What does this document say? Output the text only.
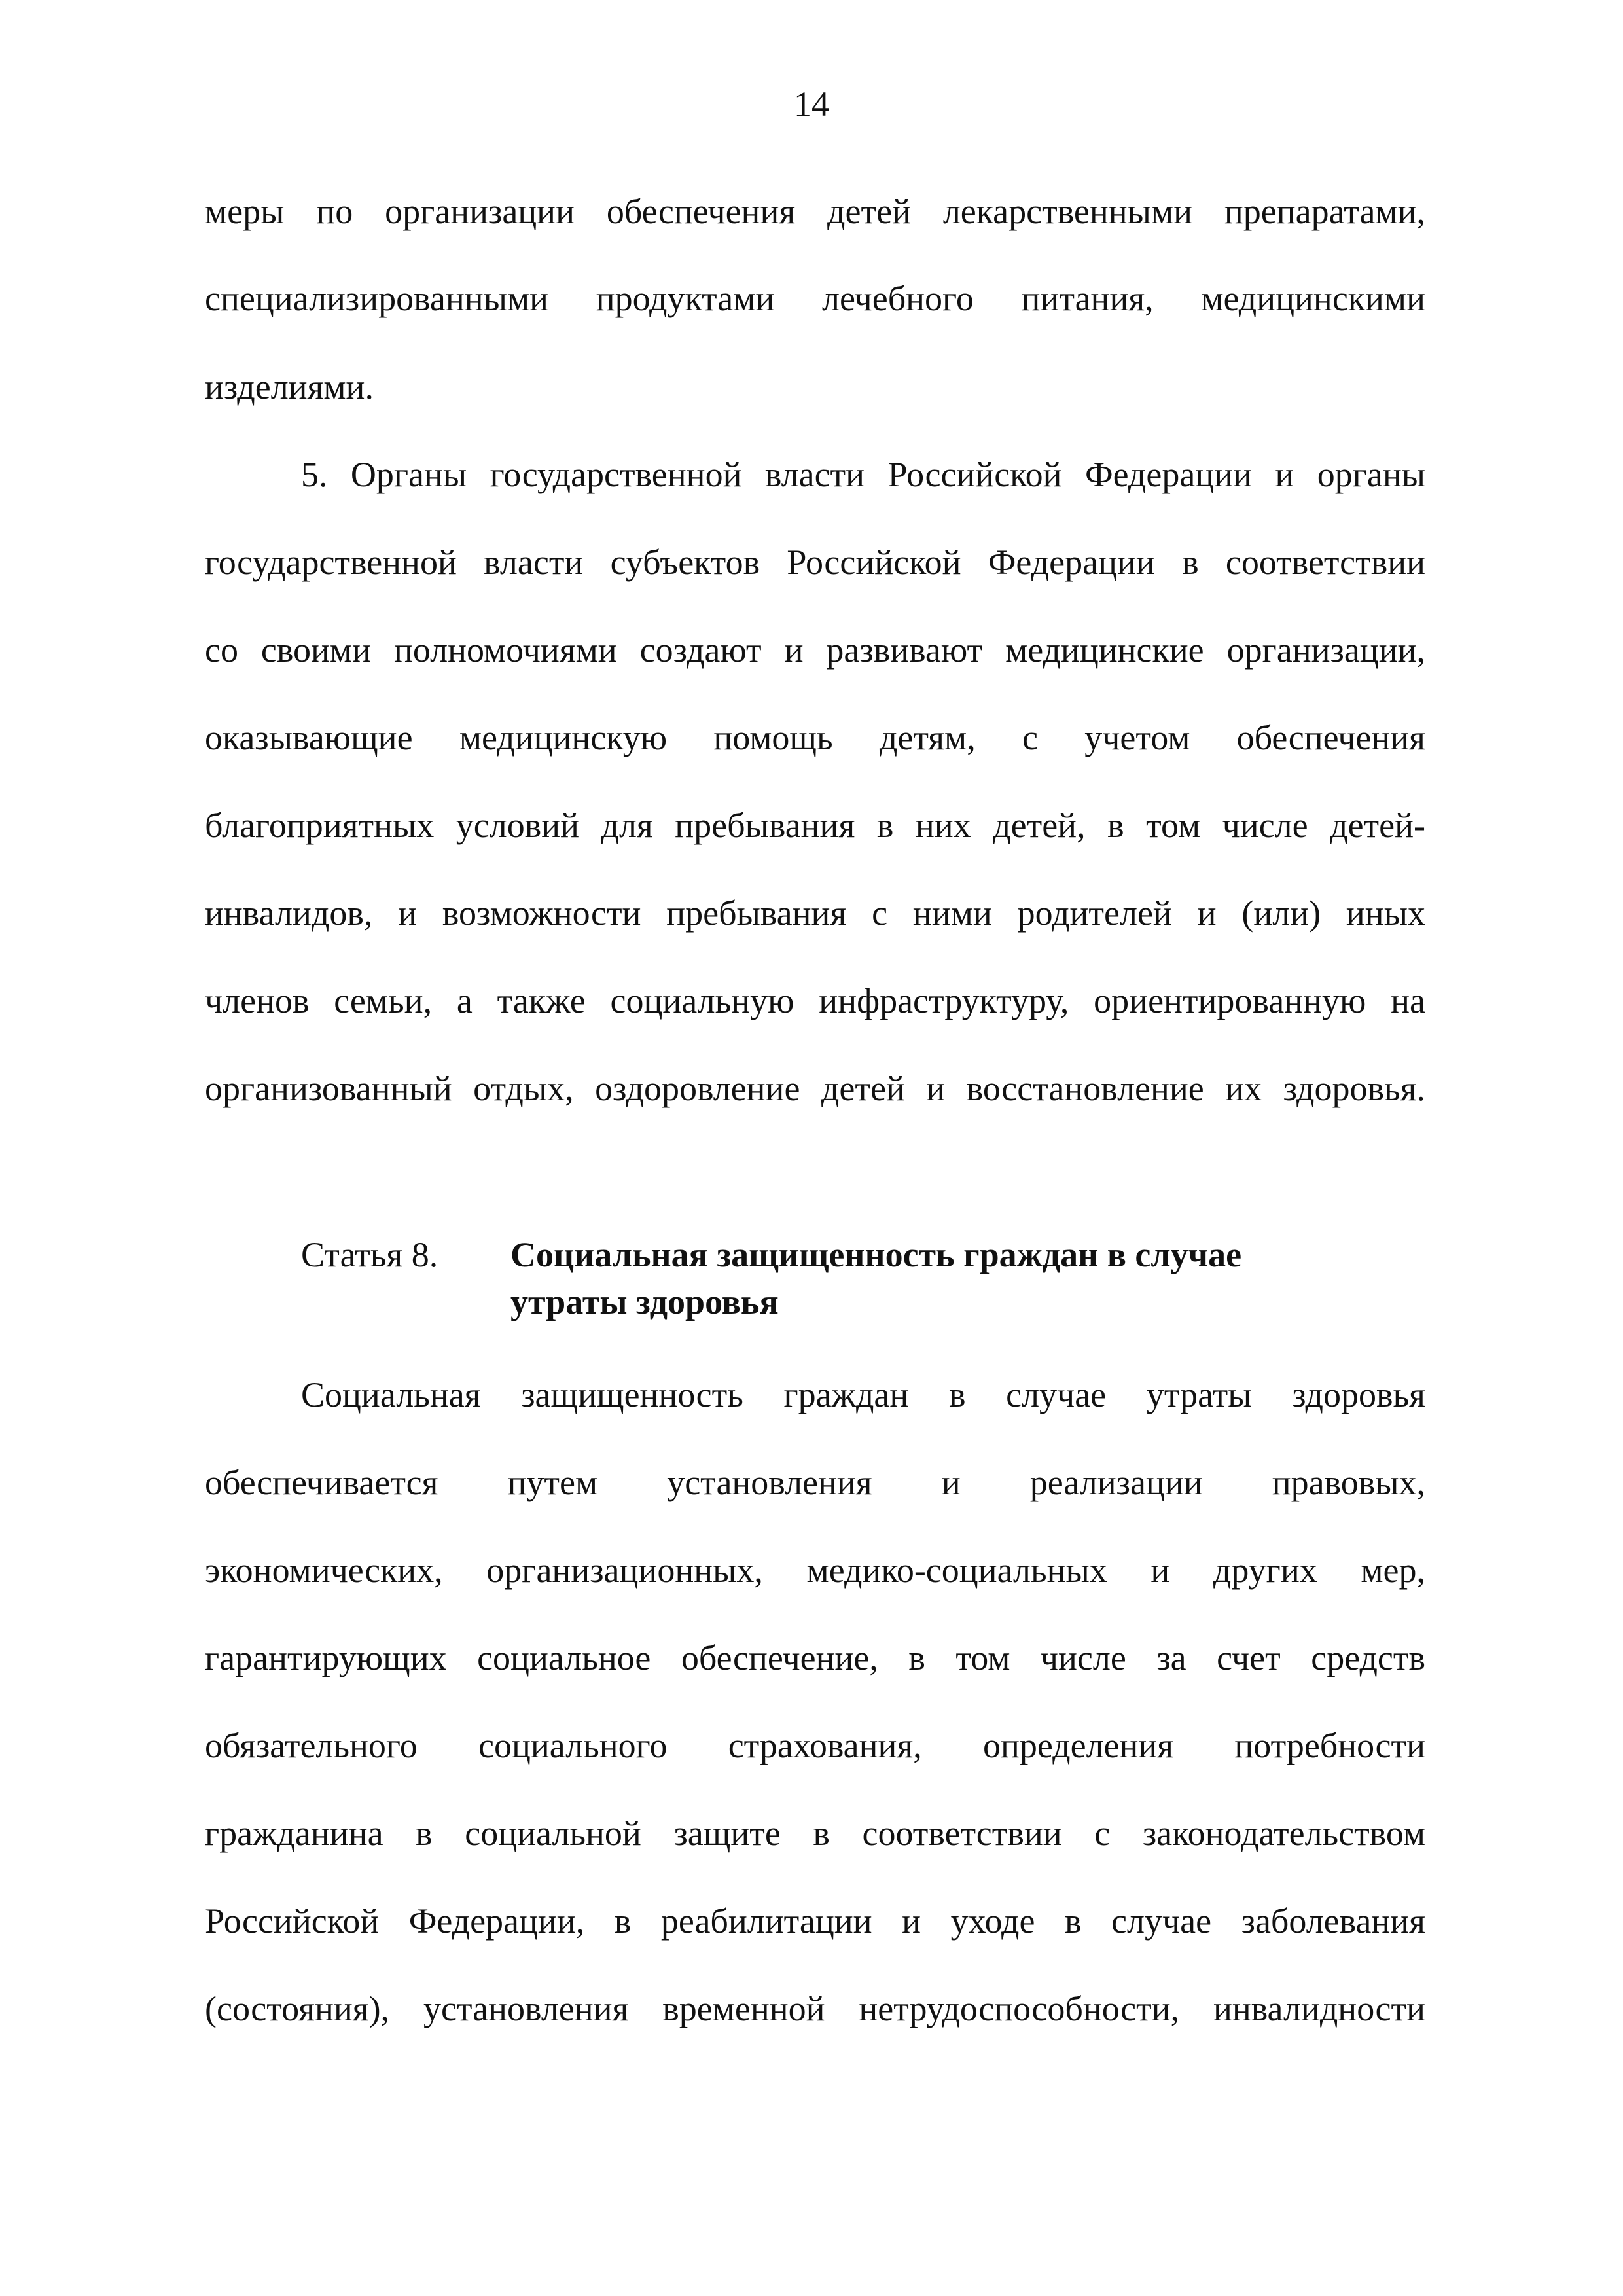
14
меры по организации обеспечения детей лекарственными препаратами,
специализированными продуктами лечебного питания, медицинскими
изделиями.
5. Органы государственной власти Российской Федерации и органы
государственной власти субъектов Российской Федерации в соответствии
со своими полномочиями создают и развивают медицинские организации,
оказывающие медицинскую помощь детям, с учетом обеспечения
благоприятных условий для пребывания в них детей, в том числе детей-
инвалидов, и возможности пребывания с ними родителей и (или) иных
членов семьи, а также социальную инфраструктуру, ориентированную на
организованный отдых, оздоровление детей и восстановление их здоровья.
Статья 8. Социальная защищенность граждан в случае
утраты здоровья
Социальная защищенность граждан в случае утраты здоровья
обеспечивается путем установления и реализации правовых,
экономических, организационных, медико-социальных и других мер,
гарантирующих социальное обеспечение, в том числе за счет средств
обязательного социального страхования, определения потребности
гражданина в социальной защите в соответствии с законодательством
Российской Федерации, в реабилитации и уходе в случае заболевания
(состояния), установления временной нетрудоспособности, инвалидности
